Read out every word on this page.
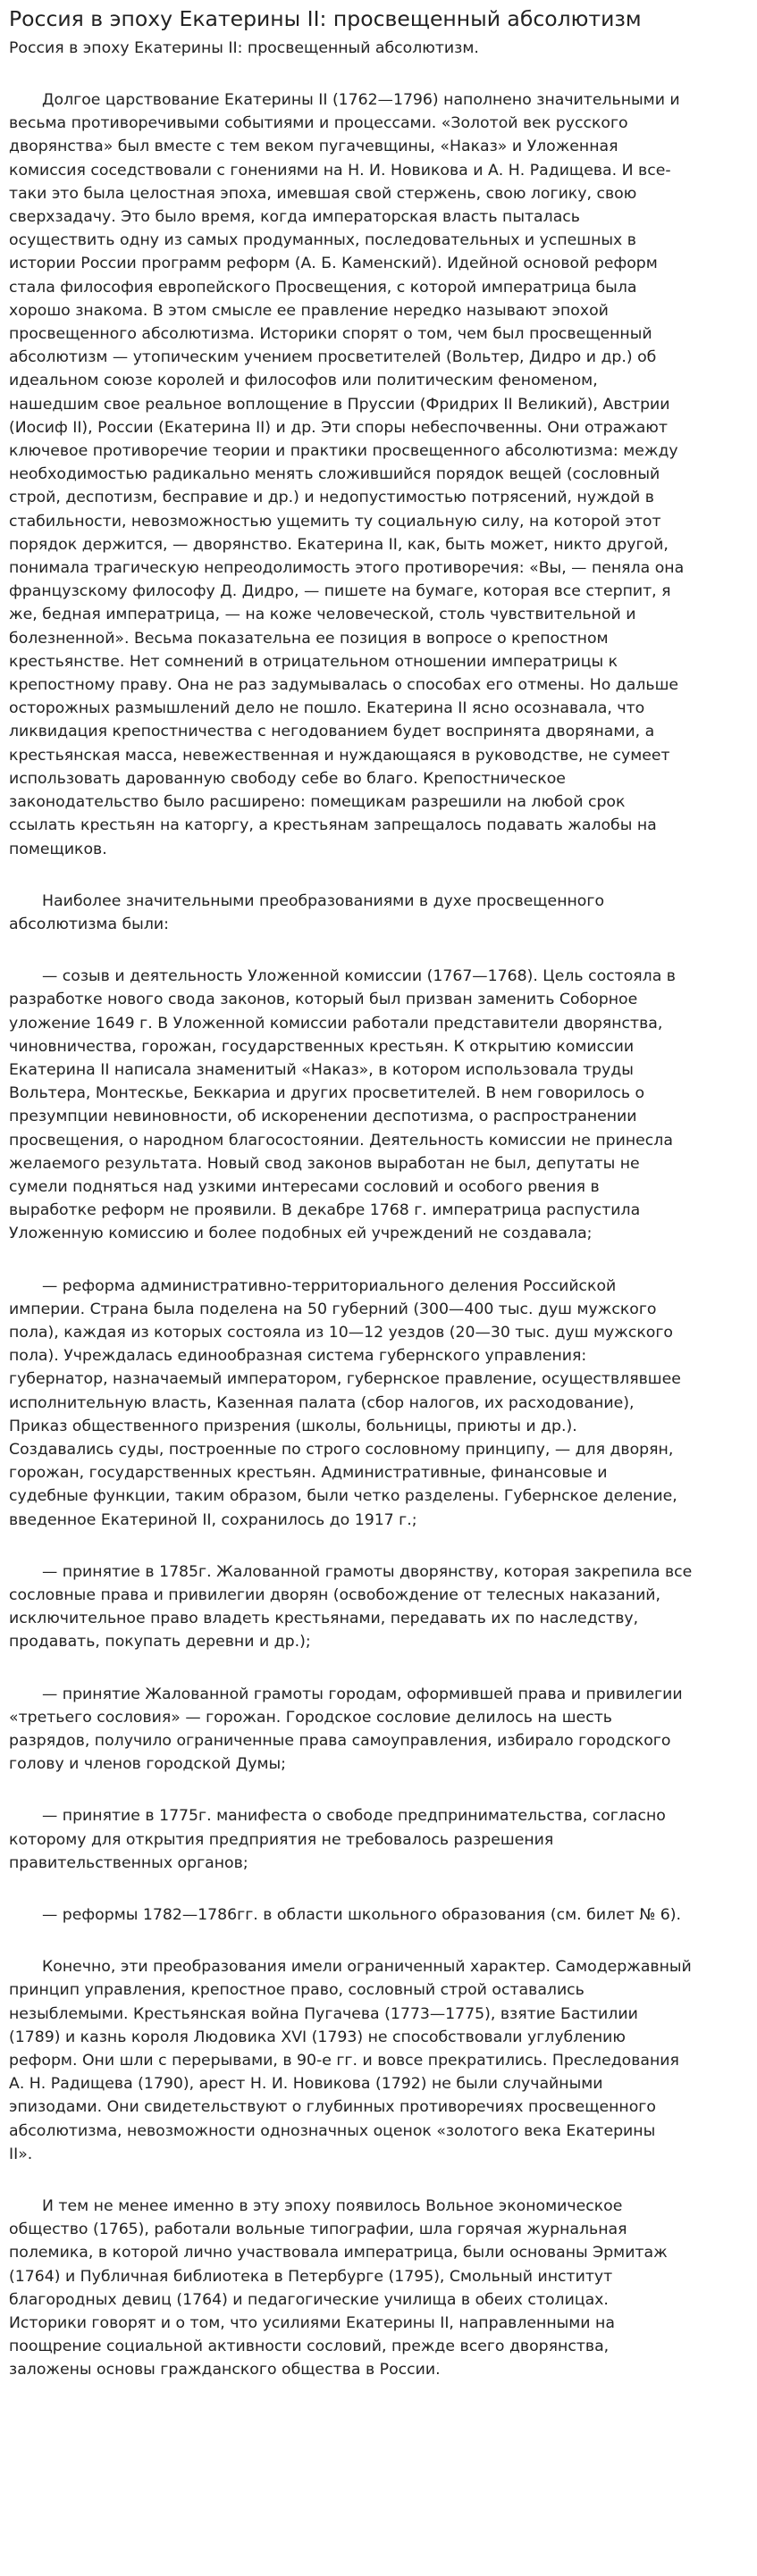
Россия в эпоху Екатерины II: просвещенный абсолютизм
Россия в эпоху Екатерины II: просвещенный абсолютизм.

Долгое царствование Екатерины II (1762—1796) наполнено значительными и
весьма противоречивыми событиями и процессами. «Золотой век русского
дворянства» был вместе с тем веком пугачевщины, «Наказ» и Уложенная
комиссия соседствовали с гонениями на Н. И. Новикова и А. Н. Радищева. И все-
таки это была целостная эпоха, имевшая свой стержень, свою логику, свою
сверхзадачу. Это было время, когда императорская власть пыталась
осуществить одну из самых продуманных, последовательных и успешных в
истории России программ реформ (А. Б. Каменский). Идейной основой реформ
стала философия европейского Просвещения, с которой императрица была
хорошо знакома. В этом смысле ее правление нередко называют эпохой
просвещенного абсолютизма. Историки спорят о том, чем был просвещенный
абсолютизм — утопическим учением просветителей (Вольтер, Дидро и др.) об
идеальном союзе королей и философов или политическим феноменом,
нашедшим свое реальное воплощение в Пруссии (Фридрих II Великий), Австрии
(Иосиф II), России (Екатерина II) и др. Эти споры небеспочвенны. Они отражают
ключевое противоречие теории и практики просвещенного абсолютизма: между
необходимостью радикально менять сложившийся порядок вещей (сословный
строй, деспотизм, бесправие и др.) и недопустимостью потрясений, нуждой в
стабильности, невозможностью ущемить ту социальную силу, на которой этот
порядок держится, — дворянство. Екатерина II, как, быть может, никто другой,
понимала трагическую непреодолимость этого противоречия: «Вы, — пеняла она
французскому философу Д. Дидро, — пишете на бумаге, которая все стерпит, я
же, бедная императрица, — на коже человеческой, столь чувствительной и
болезненной». Весьма показательна ее позиция в вопросе о крепостном
крестьянстве. Нет сомнений в отрицательном отношении императрицы к
крепостному праву. Она не раз задумывалась о способах его отмены. Но дальше
осторожных размышлений дело не пошло. Екатерина II ясно осознавала, что
ликвидация крепостничества с негодованием будет воспринята дворянами, а
крестьянская масса, невежественная и нуждающаяся в руководстве, не сумеет
использовать дарованную свободу себе во благо. Крепостническое
законодательство было расширено: помещикам разрешили на любой срок
ссылать крестьян на каторгу, а крестьянам запрещалось подавать жалобы на
помещиков.

Наиболее значительными преобразованиями в духе просвещенного
абсолютизма были:

— созыв и деятельность Уложенной комиссии (1767—1768). Цель состояла в
разработке нового свода законов, который был призван заменить Соборное
уложение 1649 г. В Уложенной комиссии работали представители дворянства,
чиновничества, горожан, государственных крестьян. К открытию комиссии
Екатерина II написала знаменитый «Наказ», в котором использовала труды
Вольтера, Монтескье, Беккариа и других просветителей. В нем говорилось о
презумпции невиновности, об искоренении деспотизма, о распространении
просвещения, о народном благосостоянии. Деятельность комиссии не принесла
желаемого результата. Новый свод законов выработан не был, депутаты не
сумели подняться над узкими интересами сословий и особого рвения в
выработке реформ не проявили. В декабре 1768 г. императрица распустила
Уложенную комиссию и более подобных ей учреждений не создавала;

— реформа административно-территориального деления Российской
империи. Страна была поделена на 50 губерний (300—400 тыс. душ мужского
пола), каждая из которых состояла из 10—12 уездов (20—30 тыс. душ мужского
пола). Учреждалась единообразная система губернского управления:
губернатор, назначаемый императором, губернское правление, осуществлявшее
исполнительную власть, Казенная палата (сбор налогов, их расходование),
Приказ общественного призрения (школы, больницы, приюты и др.).
Создавались суды, построенные по строго сословному принципу, — для дворян,
горожан, государственных крестьян. Административные, финансовые и
судебные функции, таким образом, были четко разделены. Губернское деление,
введенное Екатериной II, сохранилось до 1917 г.;

— принятие в 1785г. Жалованной грамоты дворянству, которая закрепила все
сословные права и привилегии дворян (освобождение от телесных наказаний,
исключительное право владеть крестьянами, передавать их по наследству,
продавать, покупать деревни и др.);

— принятие Жалованной грамоты городам, оформившей права и привилегии
«третьего сословия» — горожан. Городское сословие делилось на шесть
разрядов, получило ограниченные права самоуправления, избирало городского
голову и членов городской Думы;

— принятие в 1775г. манифеста о свободе предпринимательства, согласно
которому для открытия предприятия не требовалось разрешения
правительственных органов;

— реформы 1782—1786гг. в области школьного образования (см. билет № 6).

Конечно, эти преобразования имели ограниченный характер. Самодержавный
принцип управления, крепостное право, сословный строй оставались
незыблемыми. Крестьянская война Пугачева (1773—1775), взятие Бастилии
(1789) и казнь короля Людовика XVI (1793) не способствовали углублению
реформ. Они шли с перерывами, в 90-е гг. и вовсе прекратились. Преследования
А. Н. Радищева (1790), арест Н. И. Новикова (1792) не были случайными
эпизодами. Они свидетельствуют о глубинных противоречиях просвещенного
абсолютизма, невозможности однозначных оценок «золотого века Екатерины
II».

И тем не менее именно в эту эпоху появилось Вольное экономическое
общество (1765), работали вольные типографии, шла горячая журнальная
полемика, в которой лично участвовала императрица, были основаны Эрмитаж
(1764) и Публичная библиотека в Петербурге (1795), Смольный институт
благородных девиц (1764) и педагогические училища в обеих столицах.
Историки говорят и о том, что усилиями Екатерины II, направленными на
поощрение социальной активности сословий, прежде всего дворянства,
заложены основы гражданского общества в России.
